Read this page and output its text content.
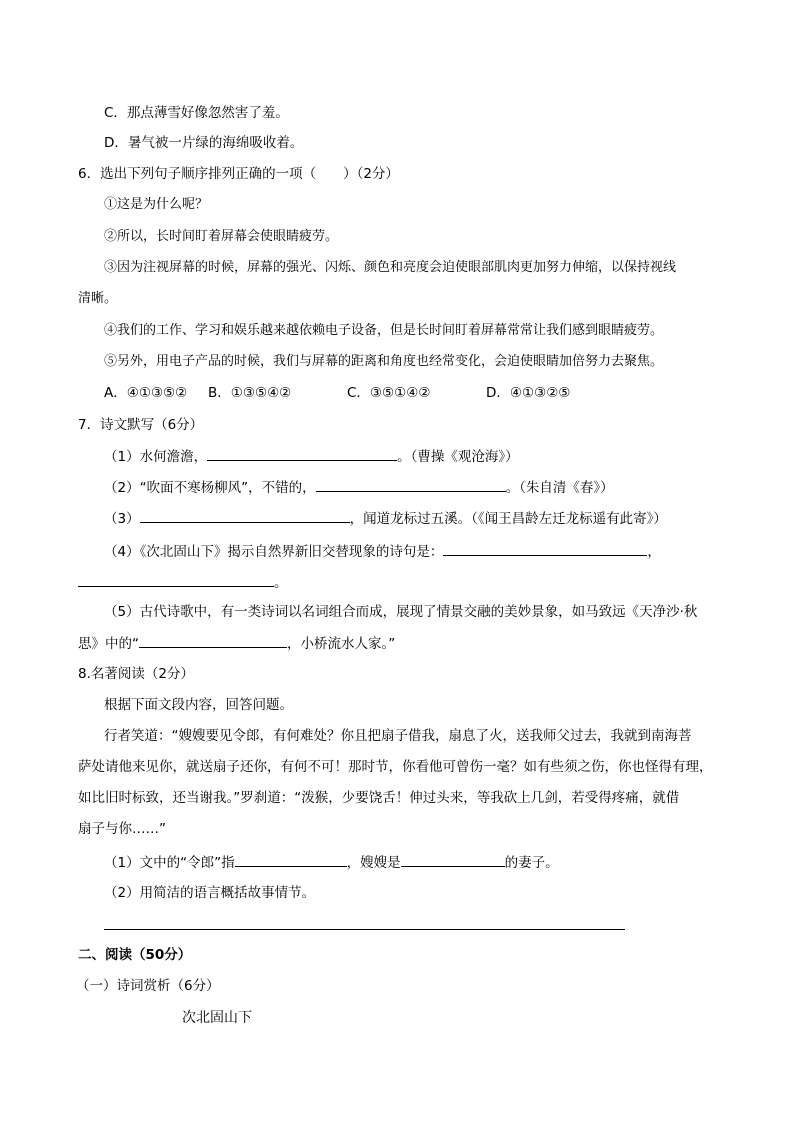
C．那点薄雪好像忽然害了羞。
D．暑气被一片绿的海绵吸收着。
6．选出下列句子顺序排列正确的一项（　　）（2分）
①这是为什么呢？
②所以，长时间盯着屏幕会使眼睛疲劳。
③因为注视屏幕的时候，屏幕的强光、闪烁、颜色和亮度会迫使眼部肌肉更加努力伸缩，以保持视线
清晰。
④我们的工作、学习和娱乐越来越依赖电子设备，但是长时间盯着屏幕常常让我们感到眼睛疲劳。
⑤另外，用电子产品的时候，我们与屏幕的距离和角度也经常变化，会迫使眼睛加倍努力去聚焦。
A．④①③⑤② B．①③⑤④②	C．③⑤①④②	D．④①③②⑤
7．诗文默写（6分）
（1）水何澹澹，	。（曹操《观沧海》）
（2）“吹面不寒杨柳风”，不错的，	。（朱自清《春》）
（3）	，闻道龙标过五溪。（《闻王昌龄左迁龙标遥有此寄》）
（4）《次北固山下》揭示自然界新旧交替现象的诗句是：	，
。
（5）古代诗歌中，有一类诗词以名词组合而成，展现了情景交融的美妙景象，如马致远《天净沙·秋
思》中的“	，小桥流水人家。”
8.名著阅读（2分）
根据下面文段内容，回答问题。
行者笑道：“嫂嫂要见令郎，有何难处？你且把扇子借我，扇息了火，送我师父过去，我就到南海菩
萨处请他来见你，就送扇子还你，有何不可！那时节，你看他可曾伤一毫？如有些须之伤，你也怪得有理，
如比旧时标致，还当谢我。”罗刹道：“泼猴，少要饶舌！伸过头来，等我砍上几剑，若受得疼痛，就借
扇子与你……”
（1）文中的“令郎”指	，嫂嫂是	的妻子。
（2）用简洁的语言概括故事情节。
二、阅读（50分）
（一）诗词赏析（6分）
次北固山下
